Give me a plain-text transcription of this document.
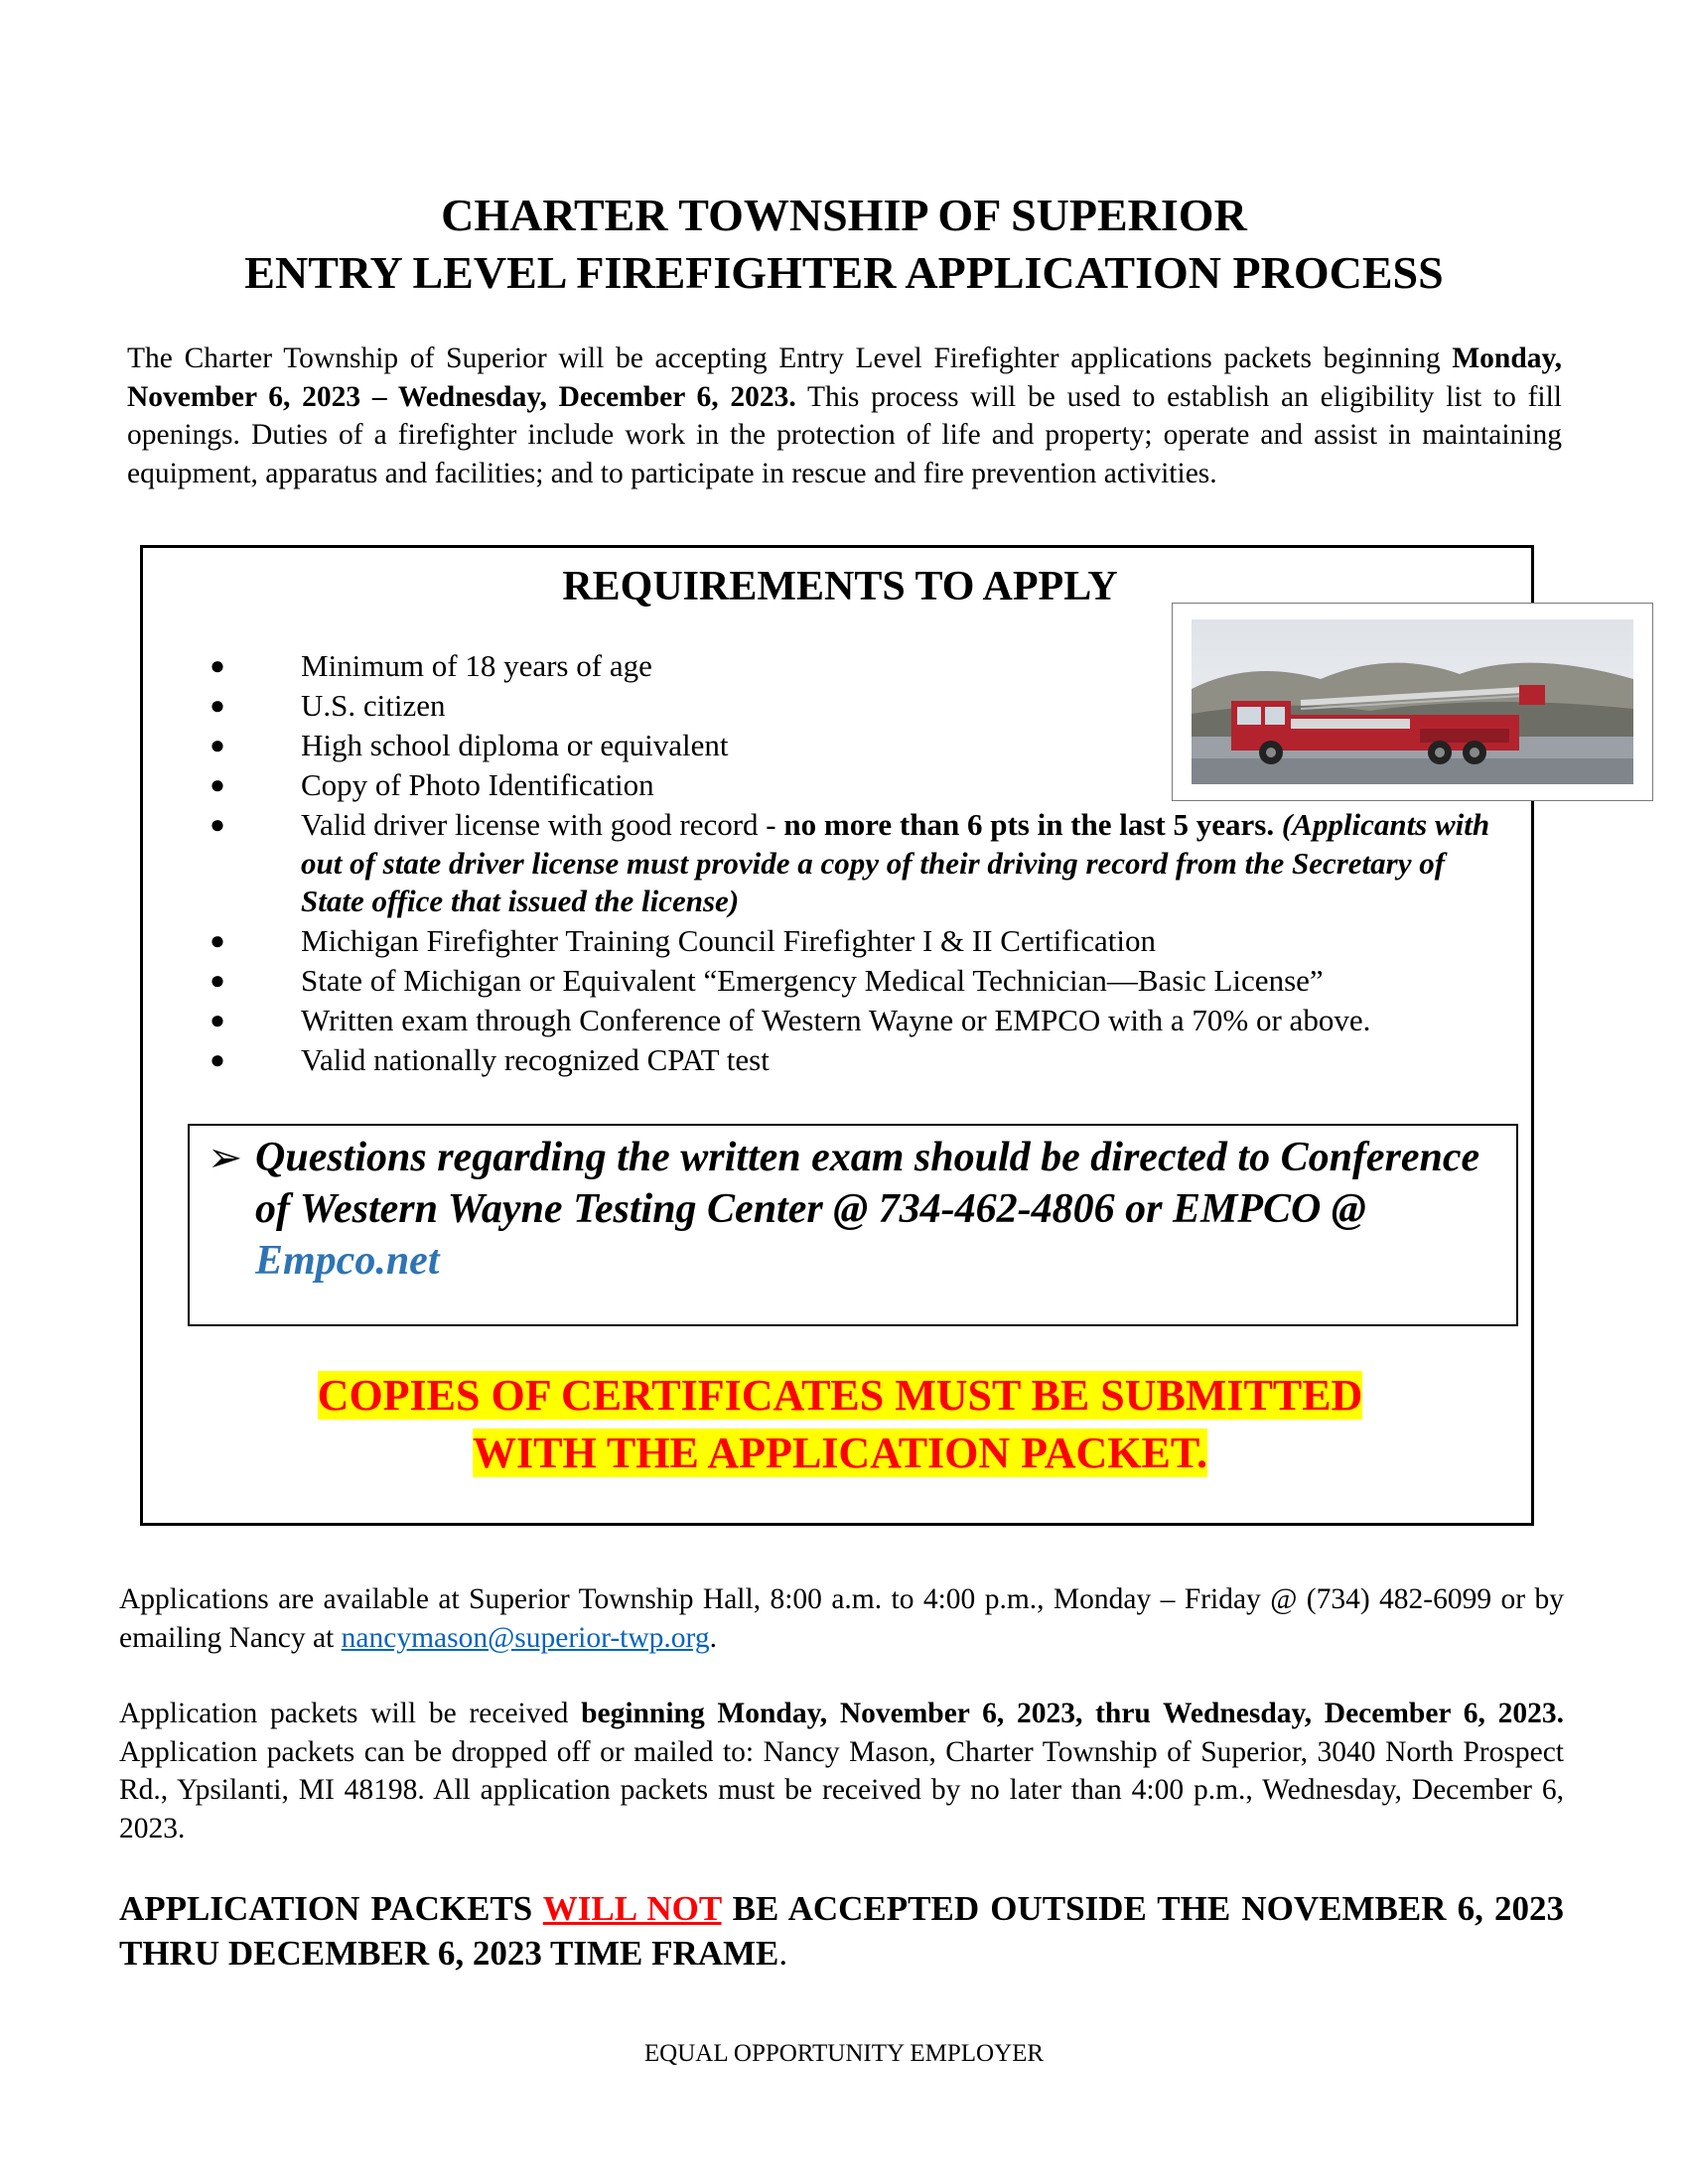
CHARTER TOWNSHIP OF SUPERIOR
ENTRY LEVEL FIREFIGHTER APPLICATION PROCESS
The Charter Township of Superior will be accepting Entry Level Firefighter applications packets beginning Monday, November 6, 2023 – Wednesday, December 6, 2023. This process will be used to establish an eligibility list to fill openings. Duties of a firefighter include work in the protection of life and property; operate and assist in maintaining equipment, apparatus and facilities; and to participate in rescue and fire prevention activities.
REQUIREMENTS TO APPLY
● Minimum of 18 years of age
● U.S. citizen
● High school diploma or equivalent
● Copy of Photo Identification
● Valid driver license with good record - no more than 6 pts in the last 5 years. (Applicants with out of state driver license must provide a copy of their driving record from the Secretary of State office that issued the license)
● Michigan Firefighter Training Council Firefighter I & II Certification
● State of Michigan or Equivalent “Emergency Medical Technician—Basic License”
● Written exam through Conference of Western Wayne or EMPCO with a 70% or above.
● Valid nationally recognized CPAT test
➢ Questions regarding the written exam should be directed to Conference of Western Wayne Testing Center @ 734-462-4806 or EMPCO @ Empco.net
COPIES OF CERTIFICATES MUST BE SUBMITTED
WITH THE APPLICATION PACKET.
Applications are available at Superior Township Hall, 8:00 a.m. to 4:00 p.m., Monday – Friday @ (734) 482-6099 or by emailing Nancy at nancymason@superior-twp.org.
Application packets will be received beginning Monday, November 6, 2023, thru Wednesday, December 6, 2023. Application packets can be dropped off or mailed to: Nancy Mason, Charter Township of Superior, 3040 North Prospect Rd., Ypsilanti, MI 48198. All application packets must be received by no later than 4:00 p.m., Wednesday, December 6, 2023.
APPLICATION PACKETS WILL NOT BE ACCEPTED OUTSIDE THE NOVEMBER 6, 2023 THRU DECEMBER 6, 2023 TIME FRAME.
EQUAL OPPORTUNITY EMPLOYER
